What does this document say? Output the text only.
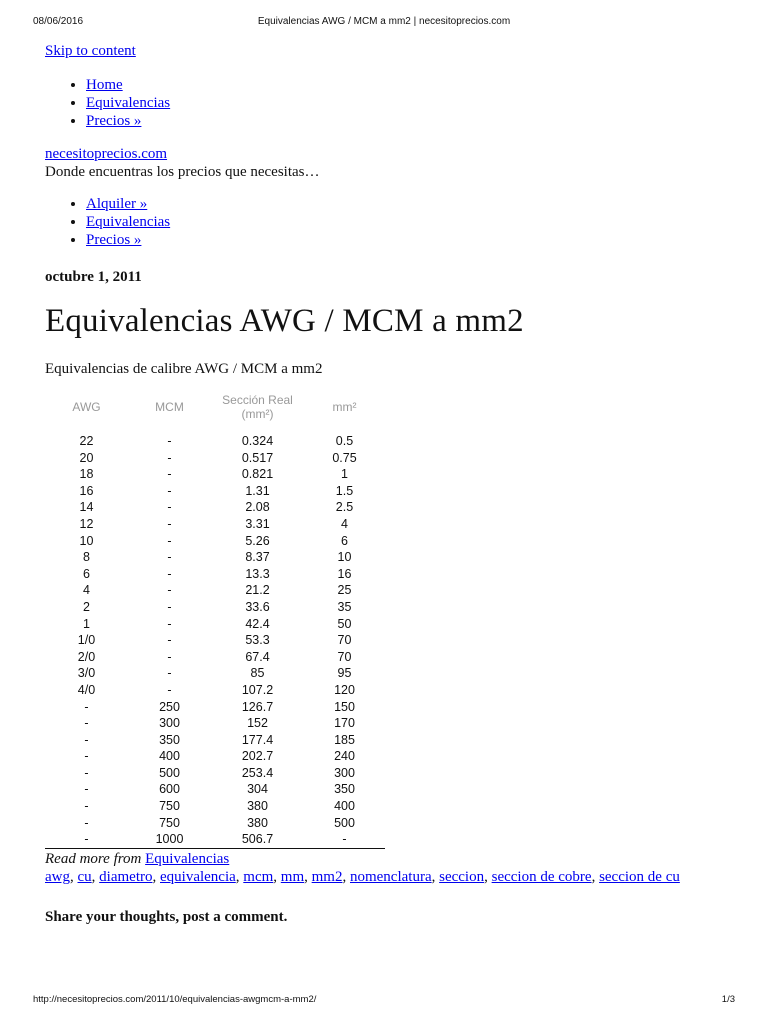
08/06/2016	Equivalencias AWG / MCM a mm2 | necesitoprecios.com
Skip to content
• Home
• Equivalencias
• Precios »
necesitoprecios.com
Donde encuentras los precios que necesitas…
• Alquiler »
• Equivalencias
• Precios »
octubre 1, 2011
Equivalencias AWG / MCM a mm2
Equivalencias de calibre AWG / MCM a mm2
AWG	MCM	Sección Real (mm²)	mm²
22	-	0.324	0.5
20	-	0.517	0.75
18	-	0.821	1
16	-	1.31	1.5
14	-	2.08	2.5
12	-	3.31	4
10	-	5.26	6
8	-	8.37	10
6	-	13.3	16
4	-	21.2	25
2	-	33.6	35
1	-	42.4	50
1/0	-	53.3	70
2/0	-	67.4	70
3/0	-	85	95
4/0	-	107.2	120
-	250	126.7	150
-	300	152	170
-	350	177.4	185
-	400	202.7	240
-	500	253.4	300
-	600	304	350
-	750	380	400
-	750	380	500
-	1000	506.7	-
Read more from Equivalencias
awg, cu, diametro, equivalencia, mcm, mm, mm2, nomenclatura, seccion, seccion de cobre, seccion de cu
Share your thoughts, post a comment.
http://necesitoprecios.com/2011/10/equivalencias-awgmcm-a-mm2/	1/3
